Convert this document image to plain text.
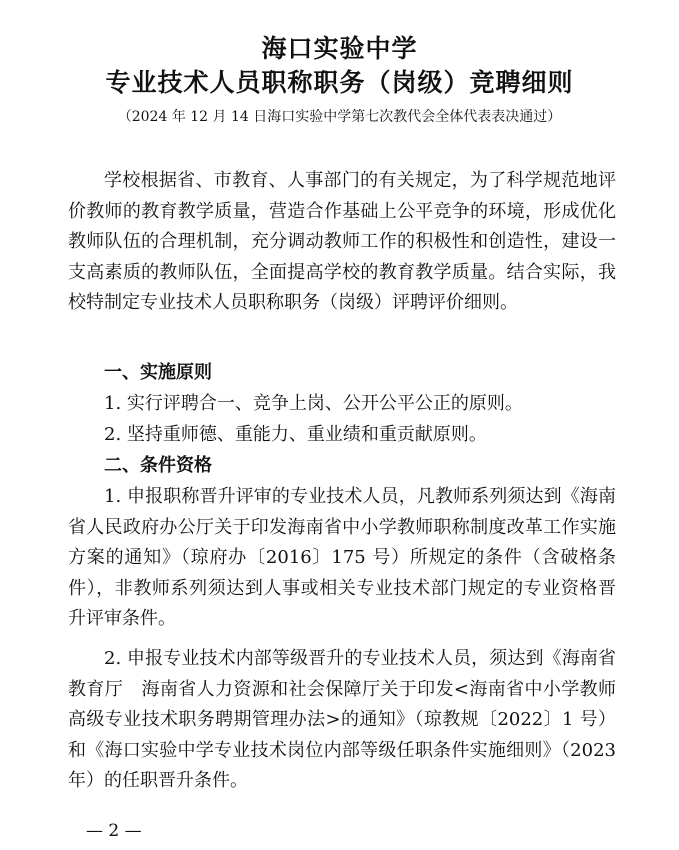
海口实验中学
专业技术人员职称职务（岗级）竞聘细则
（2024 年 12 月 14 日海口实验中学第七次教代会全体代表表决通过）

学校根据省、市教育、人事部门的有关规定，为了科学规范地评价教师的教育教学质量，营造合作基础上公平竞争的环境，形成优化教师队伍的合理机制，充分调动教师工作的积极性和创造性，建设一支高素质的教师队伍，全面提高学校的教育教学质量。结合实际，我校特制定专业技术人员职称职务（岗级）评聘评价细则。

一、实施原则

1. 实行评聘合一、竞争上岗、公开公平公正的原则。

2. 坚持重师德、重能力、重业绩和重贡献原则。

二、条件资格

1. 申报职称晋升评审的专业技术人员，凡教师系列须达到《海南省人民政府办公厅关于印发海南省中小学教师职称制度改革工作实施方案的通知》（琼府办〔2016〕175 号）所规定的条件（含破格条件），非教师系列须达到人事或相关专业技术部门规定的专业资格晋升评审条件。

2. 申报专业技术内部等级晋升的专业技术人员，须达到《海南省教育厅　海南省人力资源和社会保障厅关于印发<海南省中小学教师高级专业技术职务聘期管理办法>的通知》（琼教规〔2022〕1 号）和《海口实验中学专业技术岗位内部等级任职条件实施细则》（2023 年）的任职晋升条件。

— 2 —
